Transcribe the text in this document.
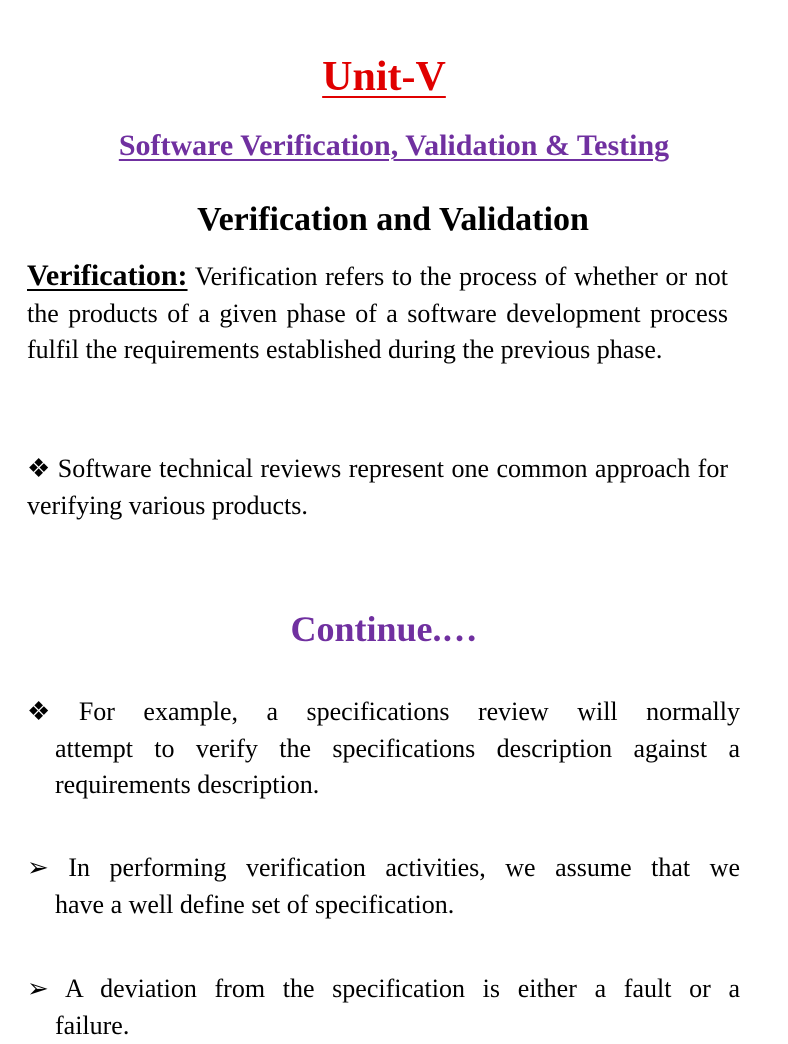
Unit-V
Software Verification, Validation & Testing
Verification and Validation
Verification: Verification refers to the process of whether or not the products of a given phase of a software development process fulfil the requirements established during the previous phase.
❖ Software technical reviews represent one common approach for verifying various products.
Continue.…
❖ For example, a specifications review will normally
attempt to verify the specifications description against a requirements description.
➢ In performing verification activities, we assume that we
have a well define set of specification.
➢ A deviation from the specification is either a fault or a
failure.
